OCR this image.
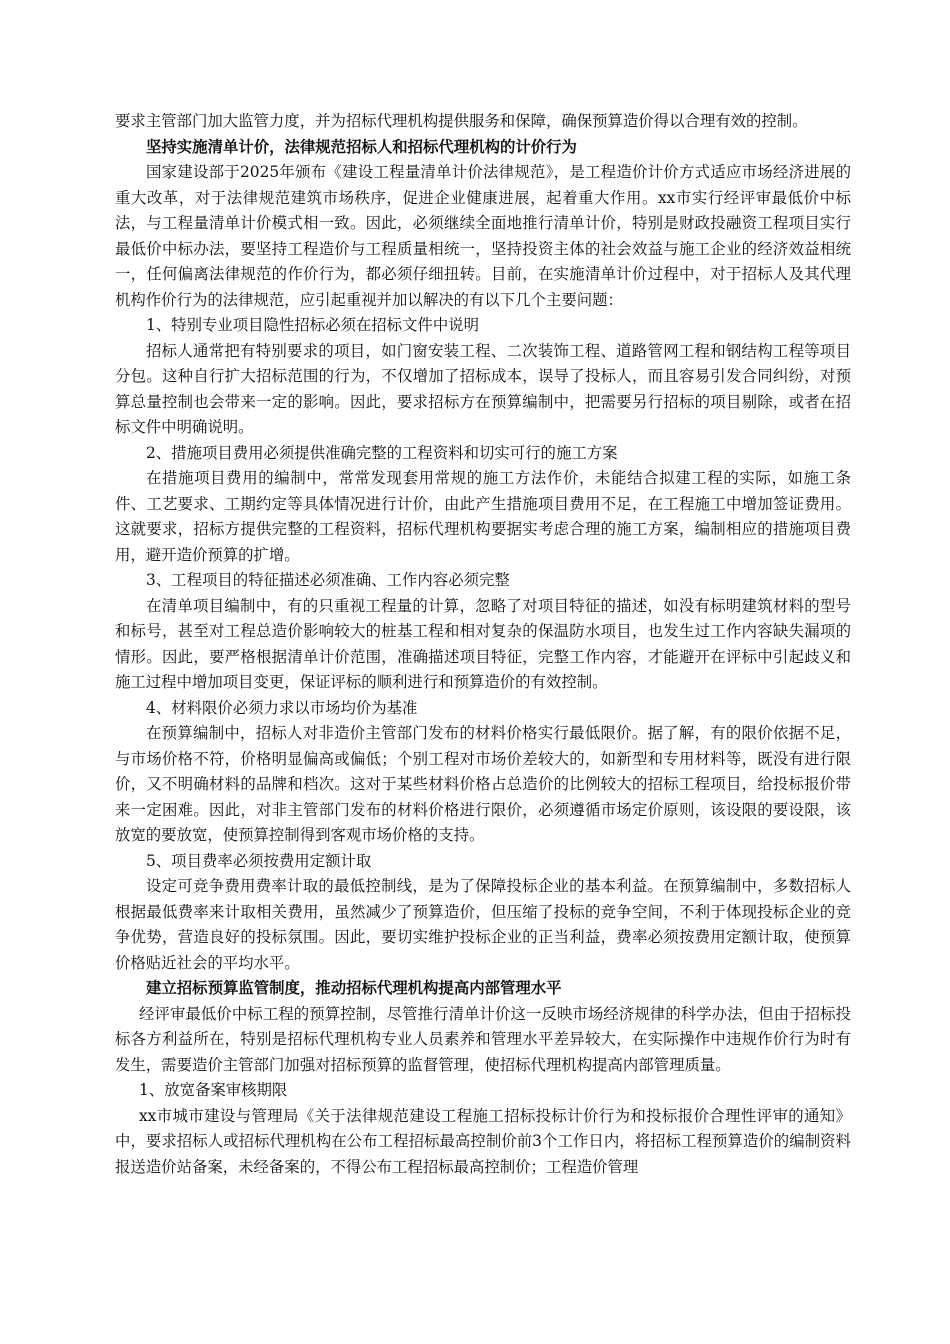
要求主管部门加大监管力度，并为招标代理机构提供服务和保障，确保预算造价得以合理有效的控制。

坚持实施清单计价，法律规范招标人和招标代理机构的计价行为

国家建设部于2025年颁布《建设工程量清单计价法律规范》，是工程造价计价方式适应市场经济进展的重大改革，对于法律规范建筑市场秩序，促进企业健康进展，起着重大作用。xx市实行经评审最低价中标法，与工程量清单计价模式相一致。因此，必须继续全面地推行清单计价，特别是财政投融资工程项目实行最低价中标办法，要坚持工程造价与工程质量相统一，坚持投资主体的社会效益与施工企业的经济效益相统一，任何偏离法律规范的作价行为，都必须仔细扭转。目前，在实施清单计价过程中，对于招标人及其代理机构作价行为的法律规范，应引起重视并加以解决的有以下几个主要问题：

1、特别专业项目隐性招标必须在招标文件中说明

招标人通常把有特别要求的项目，如门窗安装工程、二次装饰工程、道路管网工程和钢结构工程等项目分包。这种自行扩大招标范围的行为，不仅增加了招标成本，误导了投标人，而且容易引发合同纠纷，对预算总量控制也会带来一定的影响。因此，要求招标方在预算编制中，把需要另行招标的项目剔除，或者在招标文件中明确说明。

2、措施项目费用必须提供准确完整的工程资料和切实可行的施工方案

在措施项目费用的编制中，常常发现套用常规的施工方法作价，未能结合拟建工程的实际，如施工条件、工艺要求、工期约定等具体情况进行计价，由此产生措施项目费用不足，在工程施工中增加签证费用。这就要求，招标方提供完整的工程资料，招标代理机构要据实考虑合理的施工方案，编制相应的措施项目费用，避开造价预算的扩增。

3、工程项目的特征描述必须准确、工作内容必须完整

在清单项目编制中，有的只重视工程量的计算，忽略了对项目特征的描述，如没有标明建筑材料的型号和标号，甚至对工程总造价影响较大的桩基工程和相对复杂的保温防水项目，也发生过工作内容缺失漏项的情形。因此，要严格根据清单计价范围，准确描述项目特征，完整工作内容，才能避开在评标中引起歧义和施工过程中增加项目变更，保证评标的顺利进行和预算造价的有效控制。

4、材料限价必须力求以市场均价为基准

在预算编制中，招标人对非造价主管部门发布的材料价格实行最低限价。据了解，有的限价依据不足，与市场价格不符，价格明显偏高或偏低；个别工程对市场价差较大的，如新型和专用材料等，既没有进行限价，又不明确材料的品牌和档次。这对于某些材料价格占总造价的比例较大的招标工程项目，给投标报价带来一定困难。因此，对非主管部门发布的材料价格进行限价，必须遵循市场定价原则，该设限的要设限，该放宽的要放宽，使预算控制得到客观市场价格的支持。

5、项目费率必须按费用定额计取

设定可竞争费用费率计取的最低控制线，是为了保障投标企业的基本利益。在预算编制中，多数招标人根据最低费率来计取相关费用，虽然减少了预算造价，但压缩了投标的竞争空间，不利于体现投标企业的竞争优势，营造良好的投标氛围。因此，要切实维护投标企业的正当利益，费率必须按费用定额计取，使预算价格贴近社会的平均水平。

建立招标预算监管制度，推动招标代理机构提高内部管理水平

经评审最低价中标工程的预算控制，尽管推行清单计价这一反映市场经济规律的科学办法，但由于招标投标各方利益所在，特别是招标代理机构专业人员素养和管理水平差异较大，在实际操作中违规作价行为时有发生，需要造价主管部门加强对招标预算的监督管理，使招标代理机构提高内部管理质量。

1、放宽备案审核期限

xx市城市建设与管理局《关于法律规范建设工程施工招标投标计价行为和投标报价合理性评审的通知》中，要求招标人或招标代理机构在公布工程招标最高控制价前3个工作日内，将招标工程预算造价的编制资料报送造价站备案，未经备案的，不得公布工程招标最高控制价；工程造价管理
